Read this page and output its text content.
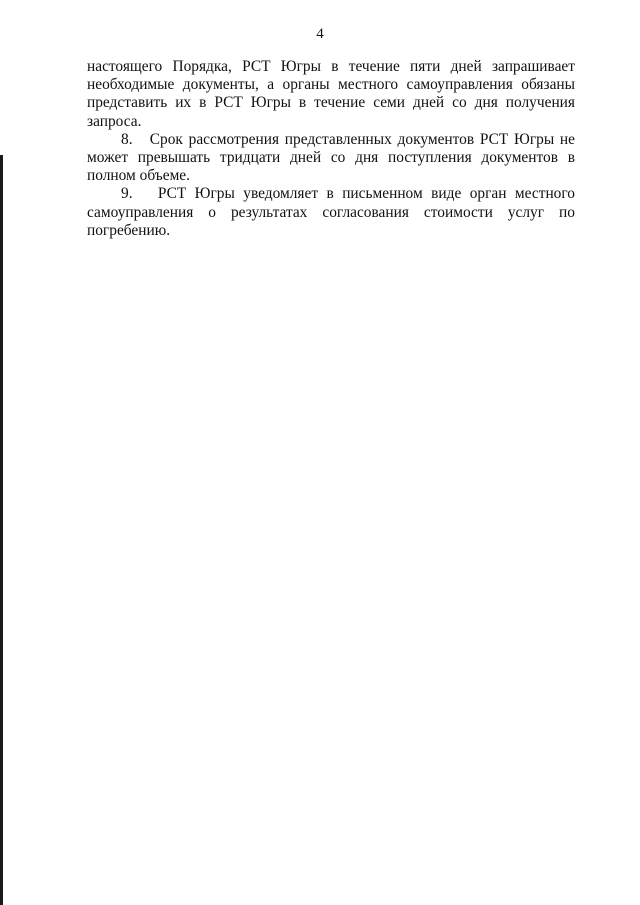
4

настоящего Порядка, РСТ Югры в течение пяти дней запрашивает необходимые документы, а органы местного самоуправления обязаны представить их в РСТ Югры в течение семи дней со дня получения запроса.

8.   Срок рассмотрения представленных документов РСТ Югры не может превышать тридцати дней со дня поступления документов в полном объеме.

9.   РСТ Югры уведомляет в письменном виде орган местного самоуправления о результатах согласования стоимости услуг по погребению.
